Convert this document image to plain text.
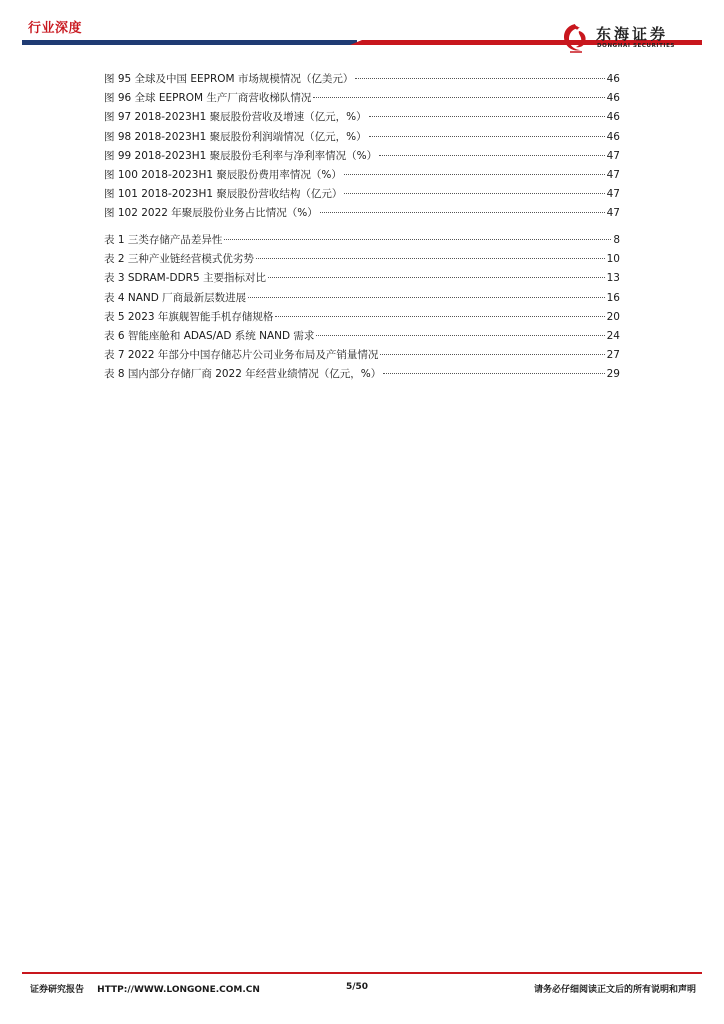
行业深度	东海证券
DONGHAI SECURITIES
图 95 全球及中国 EEPROM 市场规模情况（亿美元）	46
图 96 全球 EEPROM 生产厂商营收梯队情况	46
图 97 2018-2023H1 聚辰股份营收及增速（亿元，%）	46
图 98 2018-2023H1 聚辰股份利润端情况（亿元，%）	46
图 99 2018-2023H1 聚辰股份毛利率与净利率情况（%）	47
图 100 2018-2023H1 聚辰股份费用率情况（%）	47
图 101 2018-2023H1 聚辰股份营收结构（亿元）	47
图 102 2022 年聚辰股份业务占比情况（%）	47
表 1 三类存储产品差异性	8
表 2 三种产业链经营模式优劣势	10
表 3 SDRAM-DDR5 主要指标对比	13
表 4 NAND 厂商最新层数进展	16
表 5 2023 年旗舰智能手机存储规格	20
表 6 智能座舱和 ADAS/AD 系统 NAND 需求	24
表 7 2022 年部分中国存储芯片公司业务布局及产销量情况	27
表 8 国内部分存储厂商 2022 年经营业绩情况（亿元，%）	29
证券研究报告 HTTP://WWW.LONGONE.COM.CN	5/50	请务必仔细阅读正文后的所有说明和声明
